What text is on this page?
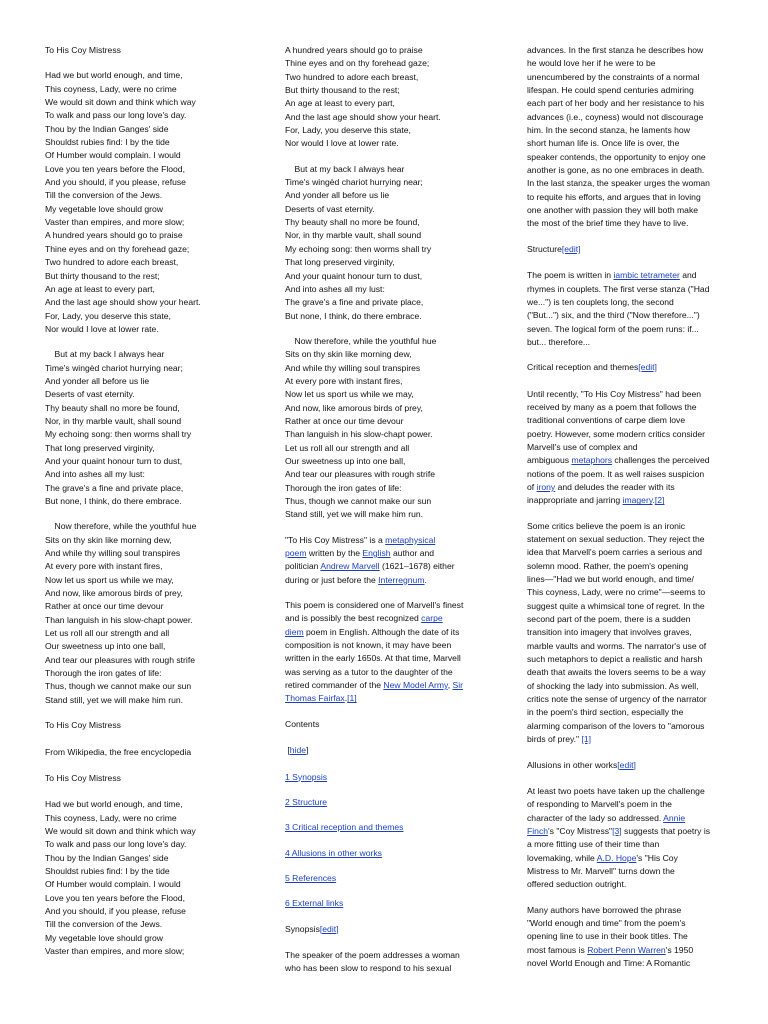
To His Coy Mistress
Had we but world enough, and time,
This coyness, Lady, were no crime
We would sit down and think which way
To walk and pass our long love's day.
Thou by the Indian Ganges' side
Shouldst rubies find: I by the tide
Of Humber would complain. I would
Love you ten years before the Flood,
And you should, if you please, refuse
Till the conversion of the Jews.
My vegetable love should grow
Vaster than empires, and more slow;
A hundred years should go to praise
Thine eyes and on thy forehead gaze;
Two hundred to adore each breast,
But thirty thousand to the rest;
An age at least to every part,
And the last age should show your heart.
For, Lady, you deserve this state,
Nor would I love at lower rate.
But at my back I always hear
Time's wingèd chariot hurrying near;
And yonder all before us lie
Deserts of vast eternity.
Thy beauty shall no more be found,
Nor, in thy marble vault, shall sound
My echoing song: then worms shall try
That long preserved virginity,
And your quaint honour turn to dust,
And into ashes all my lust:
The grave's a fine and private place,
But none, I think, do there embrace.
Now therefore, while the youthful hue
Sits on thy skin like morning dew,
And while thy willing soul transpires
At every pore with instant fires,
Now let us sport us while we may,
And now, like amorous birds of prey,
Rather at once our time devour
Than languish in his slow-chapt power.
Let us roll all our strength and all
Our sweetness up into one ball,
And tear our pleasures with rough strife
Thorough the iron gates of life:
Thus, though we cannot make our sun
Stand still, yet we will make him run.
To His Coy Mistress
From Wikipedia, the free encyclopedia
To His Coy Mistress
Had we but world enough, and time,
This coyness, Lady, were no crime
We would sit down and think which way
To walk and pass our long love's day.
Thou by the Indian Ganges' side
Shouldst rubies find: I by the tide
Of Humber would complain. I would
Love you ten years before the Flood,
And you should, if you please, refuse
Till the conversion of the Jews.
My vegetable love should grow
Vaster than empires, and more slow;
A hundred years should go to praise
Thine eyes and on thy forehead gaze;
Two hundred to adore each breast,
But thirty thousand to the rest;
An age at least to every part,
And the last age should show your heart.
For, Lady, you deserve this state,
Nor would I love at lower rate.
But at my back I always hear
Time's wingèd chariot hurrying near;
And yonder all before us lie
Deserts of vast eternity.
Thy beauty shall no more be found,
Nor, in thy marble vault, shall sound
My echoing song: then worms shall try
That long preserved virginity,
And your quaint honour turn to dust,
And into ashes all my lust:
The grave's a fine and private place,
But none, I think, do there embrace.
Now therefore, while the youthful hue
Sits on thy skin like morning dew,
And while thy willing soul transpires
At every pore with instant fires,
Now let us sport us while we may,
And now, like amorous birds of prey,
Rather at once our time devour
Than languish in his slow-chapt power.
Let us roll all our strength and all
Our sweetness up into one ball,
And tear our pleasures with rough strife
Thorough the iron gates of life:
Thus, though we cannot make our sun
Stand still, yet we will make him run.
"To His Coy Mistress" is a metaphysical
poem written by the English author and
politician Andrew Marvell (1621–1678) either
during or just before the Interregnum.
This poem is considered one of Marvell's finest
and is possibly the best recognized carpe
diem poem in English. Although the date of its
composition is not known, it may have been
written in the early 1650s. At that time, Marvell
was serving as a tutor to the daughter of the
retired commander of the New Model Army, Sir
Thomas Fairfax.[1]
Contents
[hide]
1 Synopsis
2 Structure
3 Critical reception and themes
4 Allusions in other works
5 References
6 External links
Synopsis[edit]
The speaker of the poem addresses a woman
who has been slow to respond to his sexual
advances. In the first stanza he describes how
he would love her if he were to be
unencumbered by the constraints of a normal
lifespan. He could spend centuries admiring
each part of her body and her resistance to his
advances (i.e., coyness) would not discourage
him. In the second stanza, he laments how
short human life is. Once life is over, the
speaker contends, the opportunity to enjoy one
another is gone, as no one embraces in death.
In the last stanza, the speaker urges the woman
to requite his efforts, and argues that in loving
one another with passion they will both make
the most of the brief time they have to live.
Structure[edit]
The poem is written in iambic tetrameter and
rhymes in couplets. The first verse stanza ("Had
we...") is ten couplets long, the second
("But...") six, and the third ("Now therefore...")
seven. The logical form of the poem runs: if...
but... therefore...
Critical reception and themes[edit]
Until recently, "To His Coy Mistress" had been
received by many as a poem that follows the
traditional conventions of carpe diem love
poetry. However, some modern critics consider
Marvell's use of complex and
ambiguous metaphors challenges the perceived
notions of the poem. It as well raises suspicion
of irony and deludes the reader with its
inappropriate and jarring imagery.[2]
Some critics believe the poem is an ironic
statement on sexual seduction. They reject the
idea that Marvell's poem carries a serious and
solemn mood. Rather, the poem's opening
lines—"Had we but world enough, and time/
This coyness, Lady, were no crime"—seems to
suggest quite a whimsical tone of regret. In the
second part of the poem, there is a sudden
transition into imagery that involves graves,
marble vaults and worms. The narrator's use of
such metaphors to depict a realistic and harsh
death that awaits the lovers seems to be a way
of shocking the lady into submission. As well,
critics note the sense of urgency of the narrator
in the poem's third section, especially the
alarming comparison of the lovers to "amorous
birds of prey." [1]
Allusions in other works[edit]
At least two poets have taken up the challenge
of responding to Marvell's poem in the
character of the lady so addressed. Annie
Finch's "Coy Mistress"[3] suggests that poetry is
a more fitting use of their time than
lovemaking, while A.D. Hope's "His Coy
Mistress to Mr. Marvell" turns down the
offered seduction outright.
Many authors have borrowed the phrase
"World enough and time" from the poem's
opening line to use in their book titles. The
most famous is Robert Penn Warren's 1950
novel World Enough and Time: A Romantic
